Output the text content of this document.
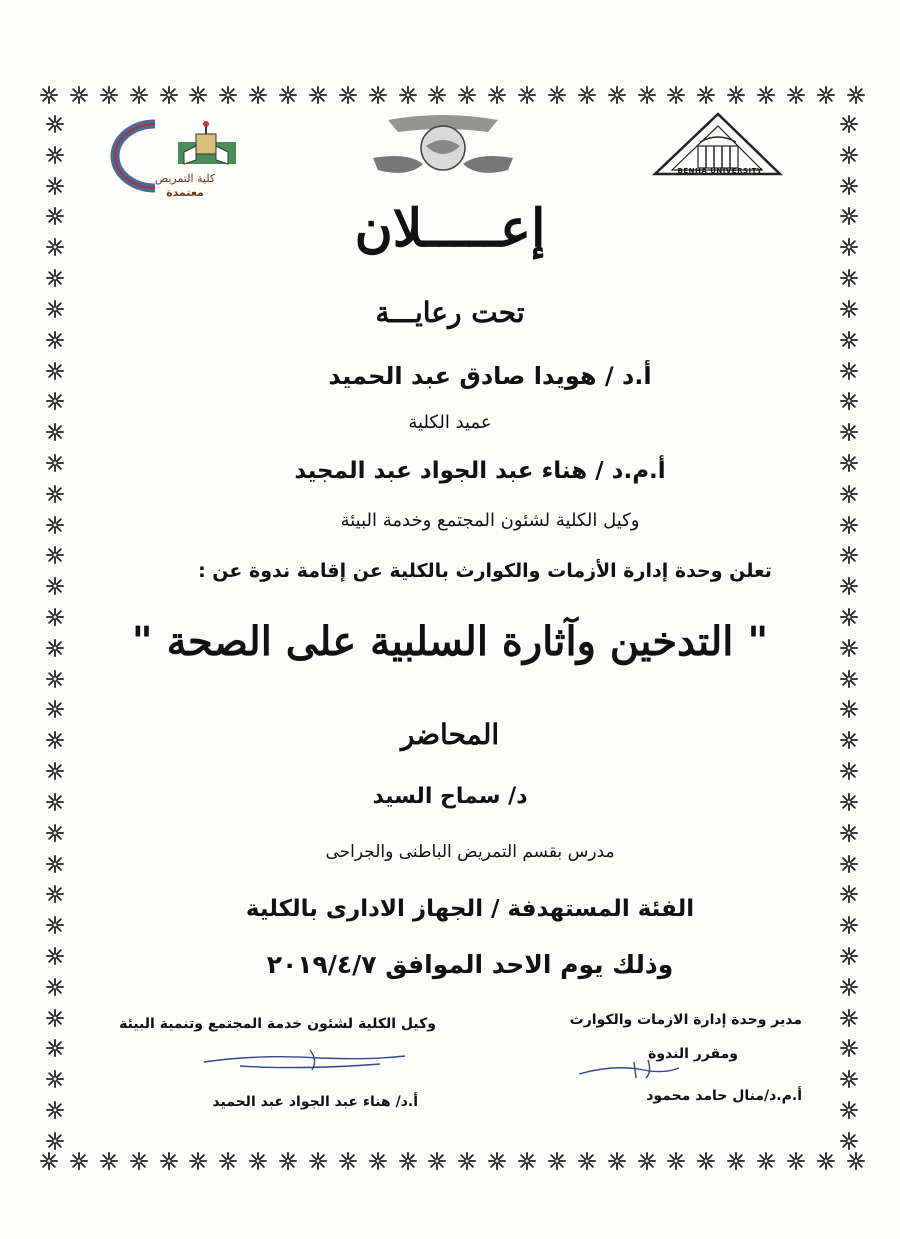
كلية التمريض
معتمدة
BENHA UNIVERSITY
إعـــــلان
تحت رعايـــة
أ.د / هويدا صادق عبد الحميد
عميد الكلية
أ.م.د / هناء عبد الجواد عبد المجيد
وكيل الكلية لشئون المجتمع وخدمة البيئة
تعلن وحدة إدارة الأزمات والكوارث بالكلية عن إقامة ندوة عن :
" التدخين وآثارة السلبية على الصحة "
المحاضر
د/ سماح السيد
مدرس بقسم التمريض الباطنى والجراحى
الفئة المستهدفة / الجهاز الادارى بالكلية
وذلك يوم الاحد الموافق ٢٠١٩/٤/٧
مدير وحدة إدارة الازمات والكوارث
ومقرر الندوة
أ.م.د/منال حامد محمود
وكيل الكلية لشئون خدمة المجتمع وتنمية البيئة
أ.د/ هناء عبد الجواد عبد الحميد
